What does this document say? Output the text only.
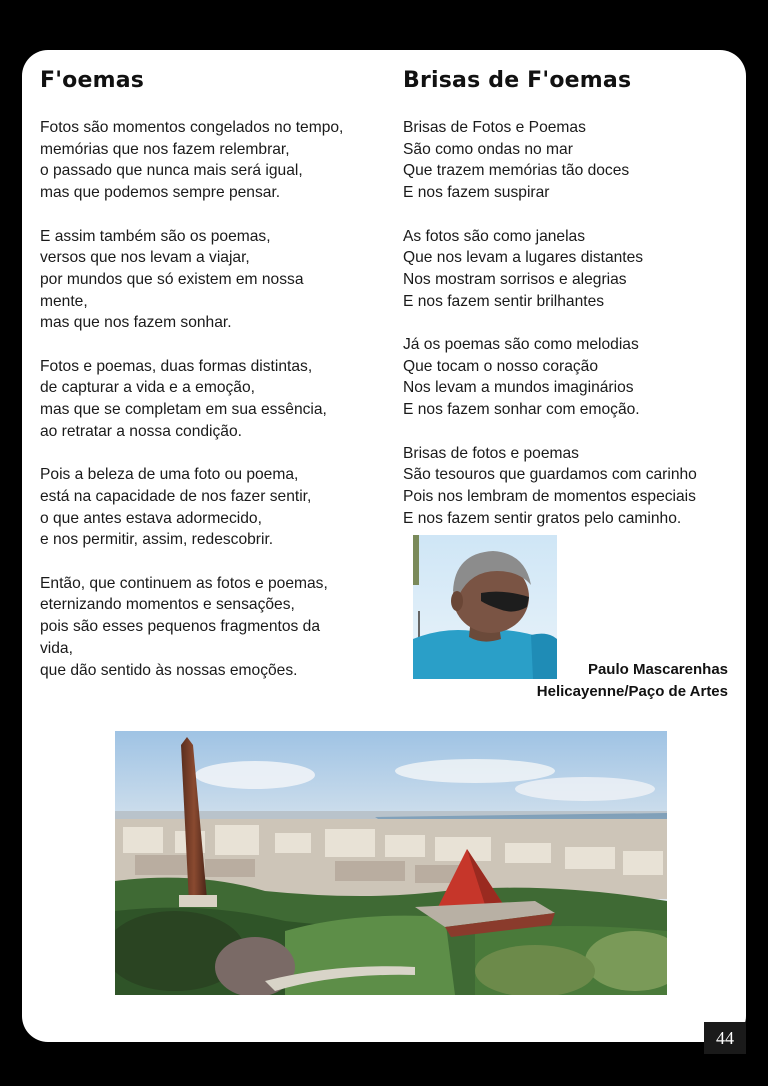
F'oemas
Fotos são momentos congelados no tempo,
memórias que nos fazem relembrar,
o passado que nunca mais será igual,
mas que podemos sempre pensar.
E assim também são os poemas,
versos que nos levam a viajar,
por mundos que só existem em nossa
mente,
mas que nos fazem sonhar.
Fotos e poemas, duas formas distintas,
de capturar a vida e a emoção,
mas que se completam em sua essência,
ao retratar a nossa condição.
Pois a beleza de uma foto ou poema,
está na capacidade de nos fazer sentir,
o que antes estava adormecido,
e nos permitir, assim, redescobrir.
Então, que continuem as fotos e poemas,
eternizando momentos e sensações,
pois são esses pequenos fragmentos da
vida,
que dão sentido às nossas emoções.
Brisas de F'oemas
Brisas de Fotos e Poemas
São como ondas no mar
Que trazem memórias tão doces
E nos fazem suspirar
As fotos são como janelas
Que nos levam a lugares distantes
Nos mostram sorrisos e alegrias
E nos fazem sentir brilhantes
Já os poemas são como melodias
Que tocam o nosso coração
Nos levam a mundos imaginários
E nos fazem sonhar com emoção.
Brisas de fotos e poemas
São tesouros que guardamos com carinho
Pois nos lembram de momentos especiais
E nos fazem sentir gratos pelo caminho.
Paulo Mascarenhas
Helicayenne/Paço de Artes
44
